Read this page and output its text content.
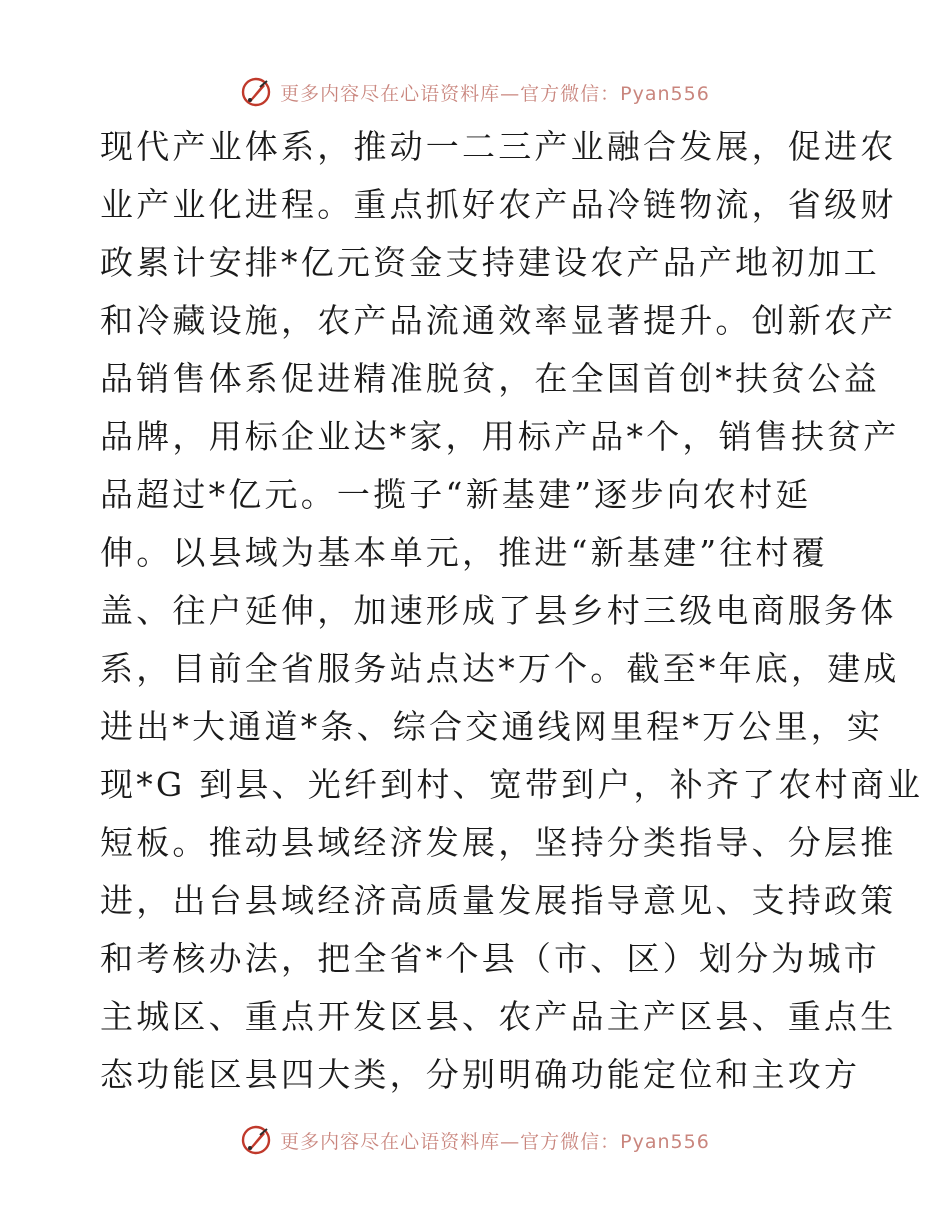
更多内容尽在心语资料库—官方微信：Pyan556
现代产业体系，推动一二三产业融合发展，促进农
业产业化进程。重点抓好农产品冷链物流，省级财
政累计安排*亿元资金支持建设农产品产地初加工
和冷藏设施，农产品流通效率显著提升。创新农产
品销售体系促进精准脱贫，在全国首创*扶贫公益
品牌，用标企业达*家，用标产品*个，销售扶贫产
品超过*亿元。一揽子“新基建”逐步向农村延
伸。以县域为基本单元，推进“新基建”往村覆
盖、往户延伸，加速形成了县乡村三级电商服务体
系，目前全省服务站点达*万个。截至*年底，建成
进出*大通道*条、综合交通线网里程*万公里，实
现*G 到县、光纤到村、宽带到户，补齐了农村商业
短板。推动县域经济发展，坚持分类指导、分层推
进，出台县域经济高质量发展指导意见、支持政策
和考核办法，把全省*个县（市、区）划分为城市
主城区、重点开发区县、农产品主产区县、重点生
态功能区县四大类，分别明确功能定位和主攻方
更多内容尽在心语资料库—官方微信：Pyan556
